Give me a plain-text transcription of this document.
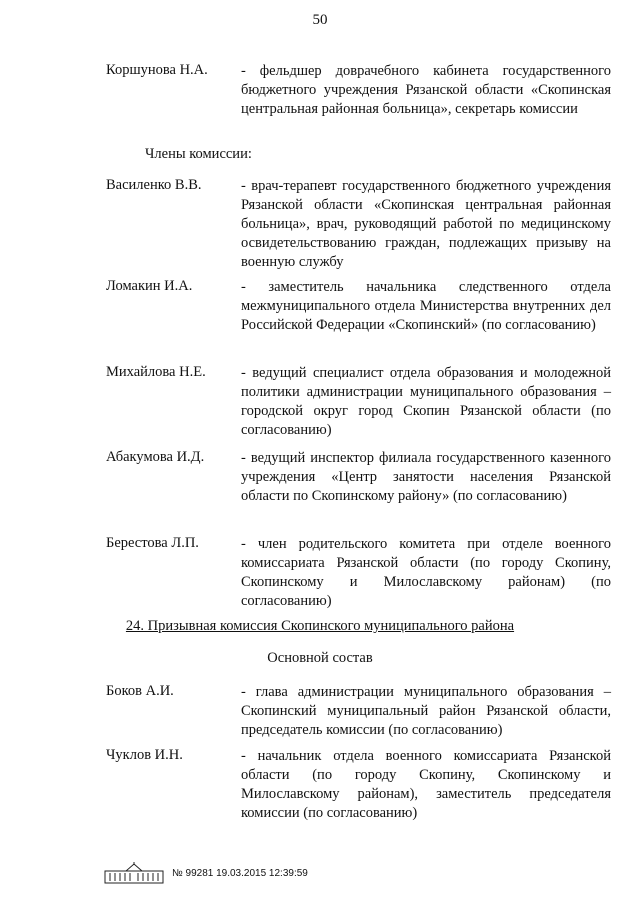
50
Коршунова Н.А. - фельдшер доврачебного кабинета государственного бюджетного учреждения Рязанской области «Скопинская центральная районная больница», секретарь комиссии
Члены комиссии:
Василенко В.В.	- врач-терапевт государственного бюджетного учреждения Рязанской области «Скопинская центральная районная больница», врач, руководящий работой по медицинскому освидетельствованию граждан, подлежащих призыву на военную службу
Ломакин И.А.	- заместитель начальника следственного отдела межмуниципального отдела Министерства внутренних дел Российской Федерации «Скопинский» (по согласованию)
Михайлова Н.Е. - ведущий специалист отдела образования и молодежной политики администрации муниципального образования – городской округ город Скопин Рязанской области (по согласованию)
Абакумова И.Д.	- ведущий инспектор филиала государственного казенного учреждения «Центр занятости населения Рязанской области по Скопинскому району» (по согласованию)
Берестова Л.П.	- член родительского комитета при отделе военного комиссариата Рязанской области (по городу Скопину, Скопинскому и Милославскому районам) (по согласованию)
24. Призывная комиссия Скопинского муниципального района
Основной состав
Боков А.И.	- глава администрации муниципального образования – Скопинский муниципальный район Рязанской области, председатель комиссии (по согласованию)
Чуклов И.Н.	- начальник отдела военного комиссариата Рязанской области (по городу Скопину, Скопинскому и Милославскому районам), заместитель председателя комиссии (по согласованию)
№ 99281 19.03.2015 12:39:59
